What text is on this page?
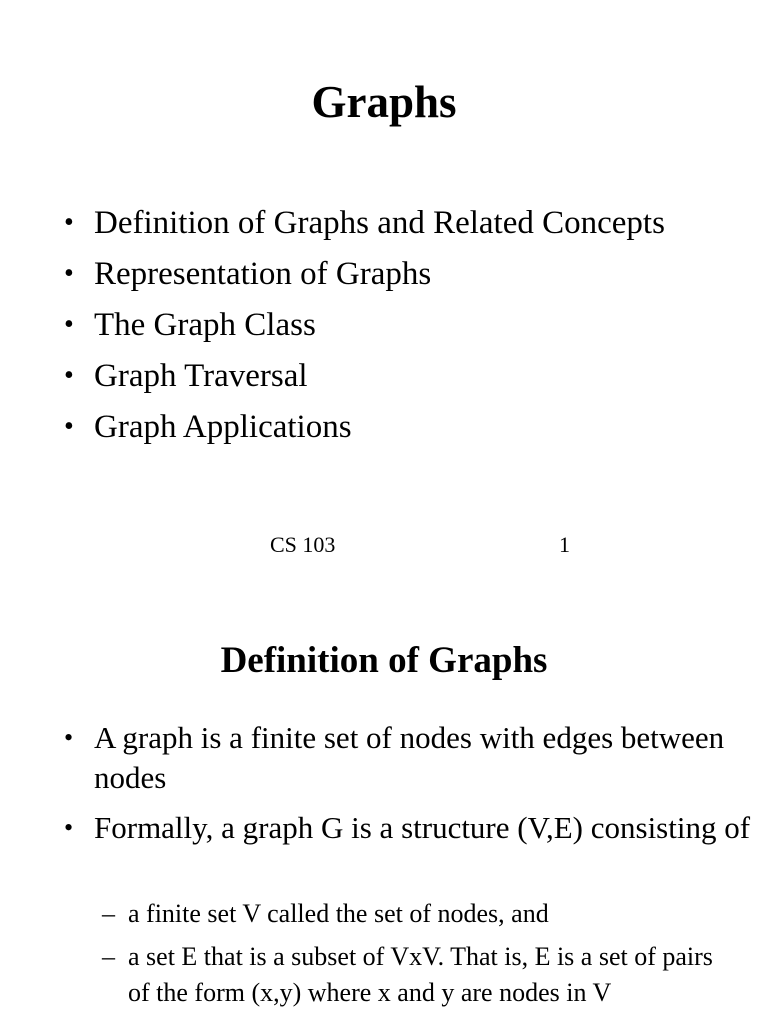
Graphs
• Definition of Graphs and Related Concepts
• Representation of Graphs
• The Graph Class
• Graph Traversal
• Graph Applications
CS 103	1
Definition of Graphs
• A graph is a finite set of nodes with edges between nodes
• Formally, a graph G is a structure (V,E) consisting of
– a finite set V called the set of nodes, and
– a set E that is a subset of VxV. That is, E is a set of pairs of the form (x,y) where x and y are nodes in V
